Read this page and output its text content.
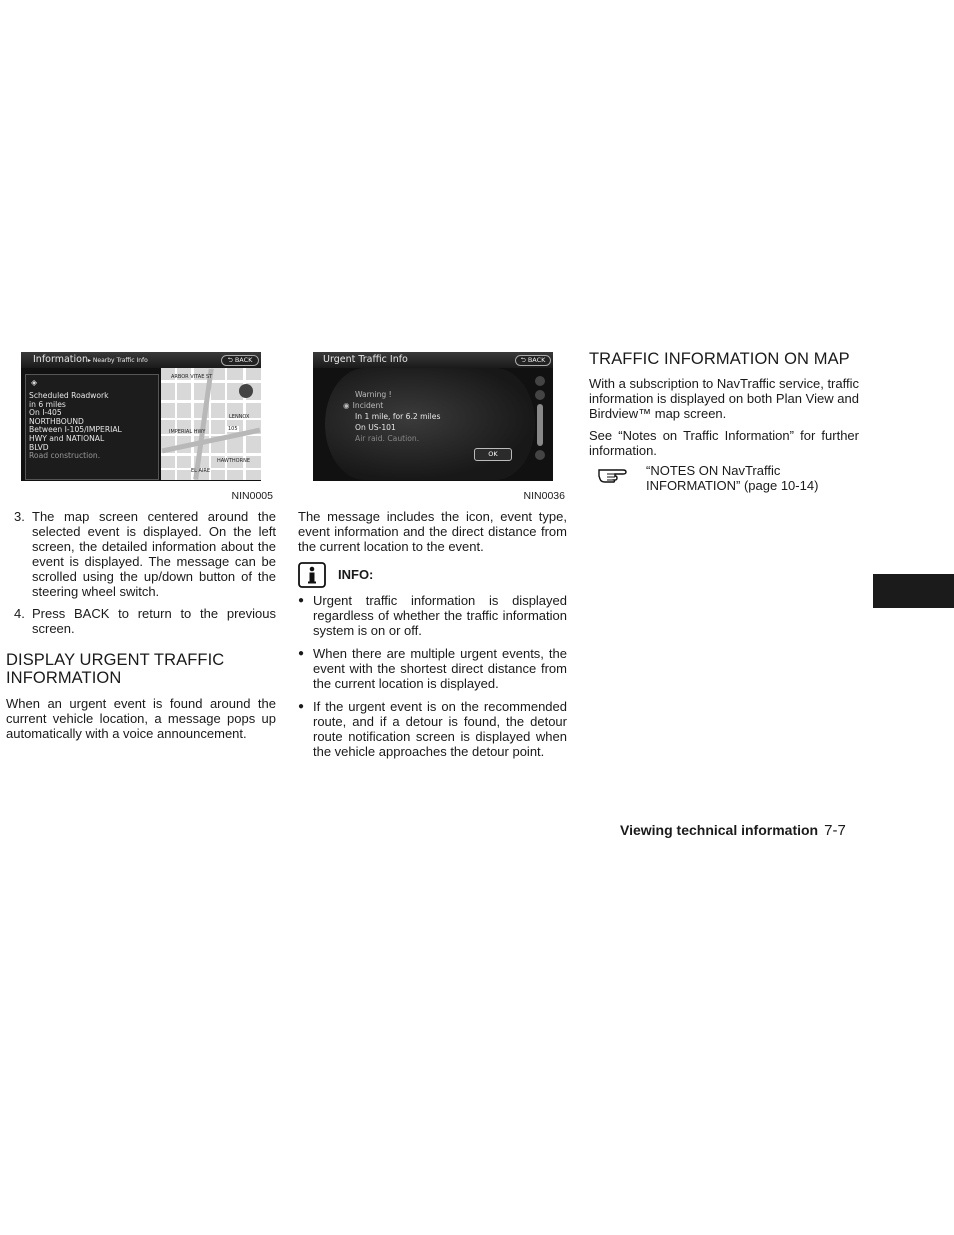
Information▸ Nearby Traffic Info	⮌ BACK
◈
Scheduled Roadwork
in 6 miles
On I-405
NORTHBOUND
Between I-105/IMPERIAL
HWY and NATIONAL
BLVD
Road construction.
ARBOR VITAE ST
LENNOX
IMPERIAL HWY	105
HAWTHORNE
EL AIRE
NIN0005
Urgent Traffic Info	⮌ BACK
Warning !
◉ Incident
In 1 mile, for 6.2 miles
On US-101
Air raid. Caution.
OK
NIN0036

3. The map screen centered around the selected event is displayed. On the left screen, the detailed information about the event is displayed. The message can be scrolled using the up/down button of the steering wheel switch.

4. Press BACK to return to the previous screen.

DISPLAY URGENT TRAFFIC INFORMATION

When an urgent event is found around the current vehicle location, a message pops up automatically with a voice announcement.

The message includes the icon, event type, event information and the direct distance from the current location to the event.

INFO:

● Urgent traffic information is displayed regardless of whether the traffic information system is on or off.

● When there are multiple urgent events, the event with the shortest direct distance from the current location is displayed.

● If the urgent event is on the recommended route, and if a detour is found, the detour route notification screen is displayed when the vehicle approaches the detour point.

TRAFFIC INFORMATION ON MAP

With a subscription to NavTraffic service, traffic information is displayed on both Plan View and Birdview™ map screen.

See “Notes on Traffic Information” for further information.

“NOTES ON NavTraffic INFORMATION” (page 10-14)
Viewing technical information 7-7
